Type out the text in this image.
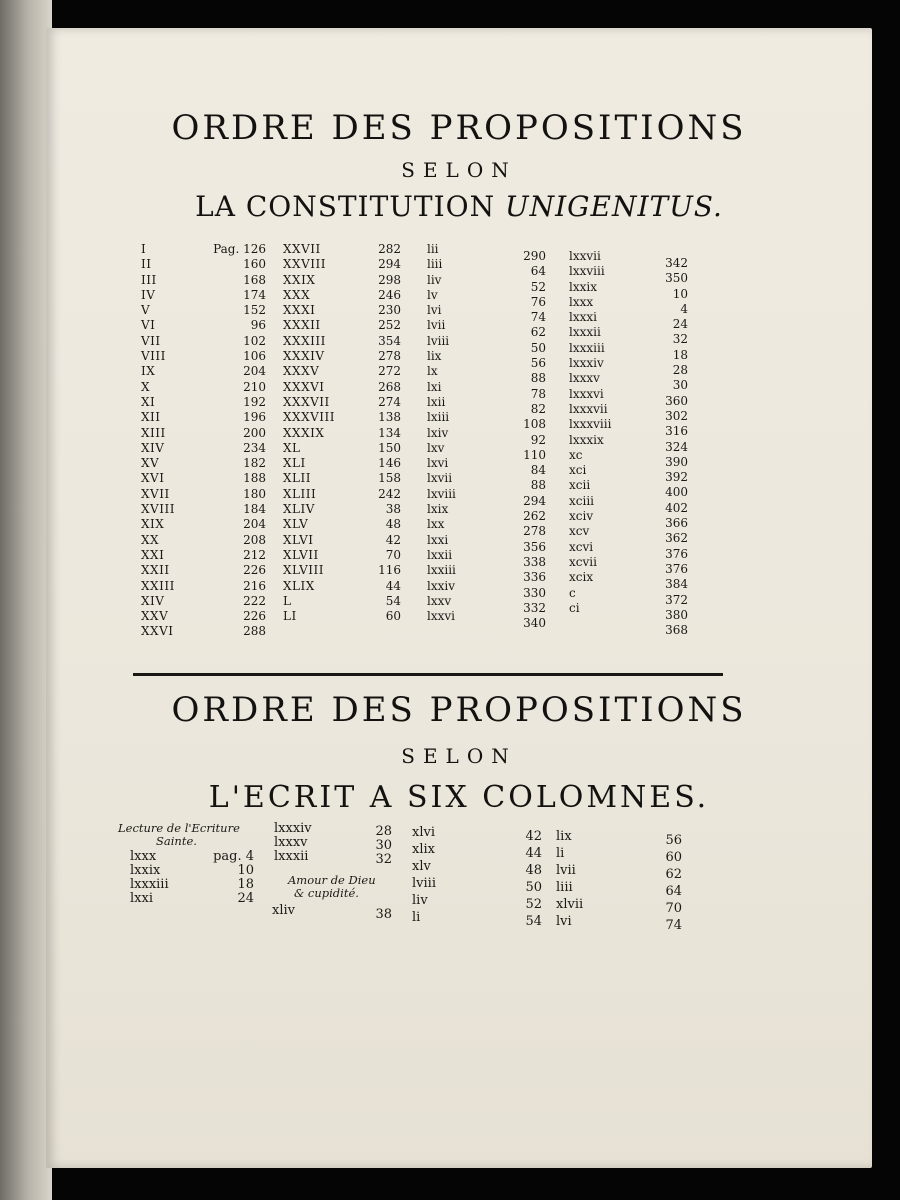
ORDRE DES PROPOSITIONS
SELON
LA CONSTITUTION UNIGENITUS.
I
II
III
IV
V
VI
VII
VIII
IX
X
XI
XII
XIII
XIV
XV
XVI
XVII
XVIII
XIX
XX
XXI
XXII
XXIII
XIV
XXV
XXVI
Pag. 126
160
168
174
152
96
102
106
204
210
192
196
200
234
182
188
180
184
204
208
212
226
216
222
226
288
XXVII
XXVIII
XXIX
XXX
XXXI
XXXII
XXXIII
XXXIV
XXXV
XXXVI
XXXVII
XXXVIII
XXXIX
XL
XLI
XLII
XLIII
XLIV
XLV
XLVI
XLVII
XLVIII
XLIX
L
LI
282
294
298
246
230
252
354
278
272
268
274
138
134
150
146
158
242
38
48
42
70
116
44
54
60
lii
liii
liv
lv
lvi
lvii
lviii
lix
lx
lxi
lxii
lxiii
lxiv
lxv
lxvi
lxvii
lxviii
lxix
lxx
lxxi
lxxii
lxxiii
lxxiv
lxxv
lxxvi
290
64
52
76
74
62
50
56
88
78
82
108
92
110
84
88
294
262
278
356
338
336
330
332
340
lxxvii
lxxviii
lxxix
lxxx
lxxxi
lxxxii
lxxxiii
lxxxiv
lxxxv
lxxxvi
lxxxvii
lxxxviii
lxxxix
xc
xci
xcii
xciii
xciv
xcv
xcvi
xcvii
xcix
c
ci
342
350
10
4
24
32
18
28
30
360
302
316
324
390
392
400
402
366
362
376
376
384
372
380
368
ORDRE DES PROPOSITIONS
SELON
L'ECRIT A SIX COLOMNES.
Lecture de l'Ecriture
Sainte.
lxxx
lxxix
lxxxiii
lxxi
pag. 4
10
18
24
lxxxiv
lxxxv
lxxxii
28
30
32
Amour de Dieu
& cupidité.
xliv	38
xlvi
xlix
xlv
lviii
liv
li
42
44
48
50
52
54
lix
li
lvii
liii
xlvii
lvi
56
60
62
64
70
74
